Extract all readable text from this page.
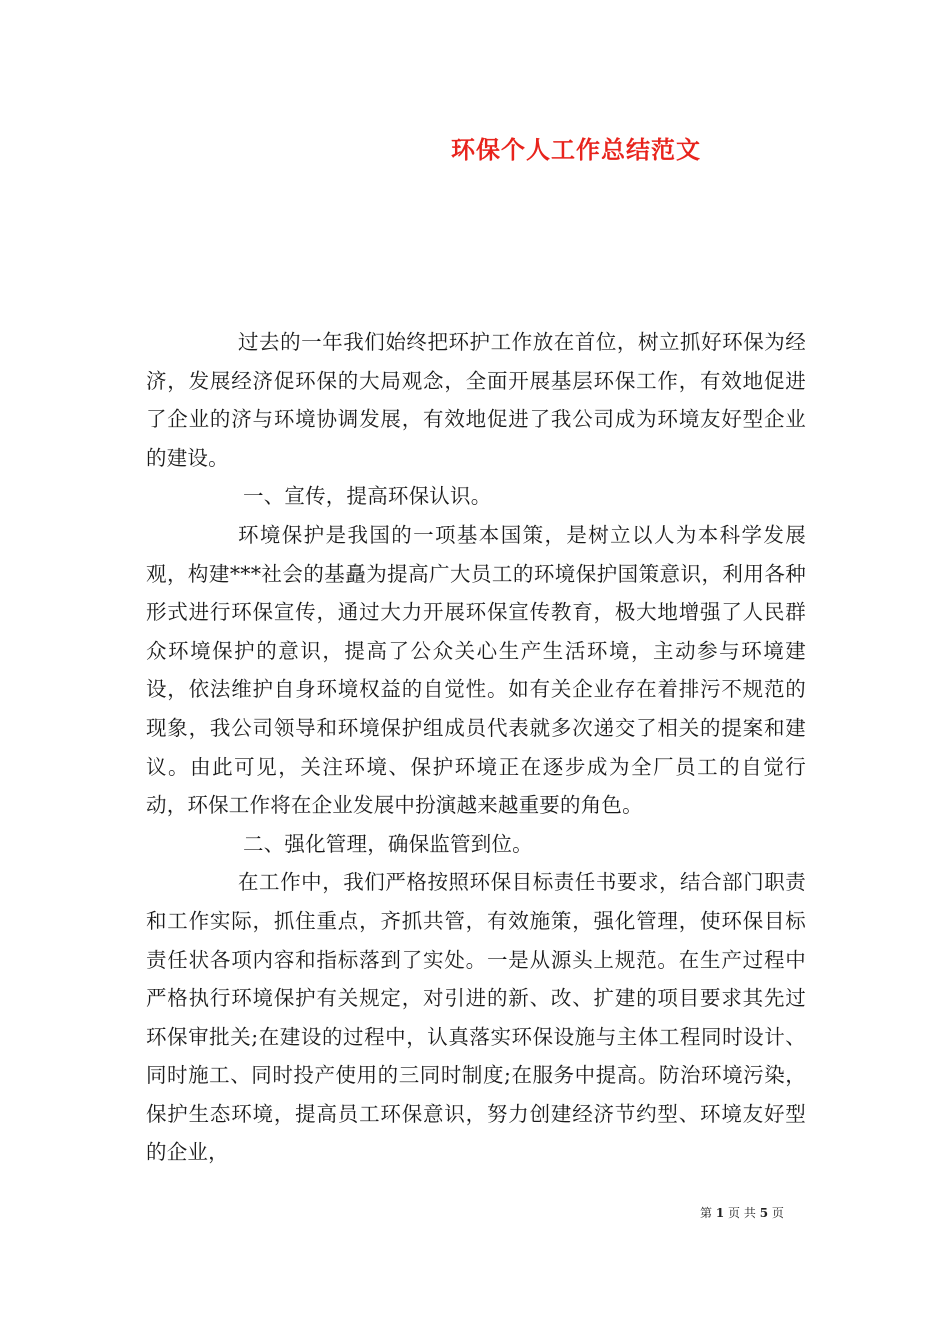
环保个人工作总结范文

过去的一年我们始终把环护工作放在首位，树立抓好环保为经济，发展经济促环保的大局观念，全面开展基层环保工作，有效地促进了企业的济与环境协调发展，有效地促进了我公司成为环境友好型企业的建设。

一、宣传，提高环保认识。

环境保护是我国的一项基本国策，是树立以人为本科学发展观，构建***社会的基矗为提高广大员工的环境保护国策意识，利用各种形式进行环保宣传，通过大力开展环保宣传教育，极大地增强了人民群众环境保护的意识，提高了公众关心生产生活环境，主动参与环境建设，依法维护自身环境权益的自觉性。如有关企业存在着排污不规范的现象，我公司领导和环境保护组成员代表就多次递交了相关的提案和建议。由此可见，关注环境、保护环境正在逐步成为全厂员工的自觉行动，环保工作将在企业发展中扮演越来越重要的角色。

二、强化管理，确保监管到位。

在工作中，我们严格按照环保目标责任书要求，结合部门职责和工作实际，抓住重点，齐抓共管，有效施策，强化管理，使环保目标责任状各项内容和指标落到了实处。一是从源头上规范。在生产过程中严格执行环境保护有关规定，对引进的新、改、扩建的项目要求其先过环保审批关;在建设的过程中，认真落实环保设施与主体工程同时设计、同时施工、同时投产使用的三同时制度;在服务中提高。防治环境污染，保护生态环境，提高员工环保意识，努力创建经济节约型、环境友好型的企业，

第 1 页 共 5 页
